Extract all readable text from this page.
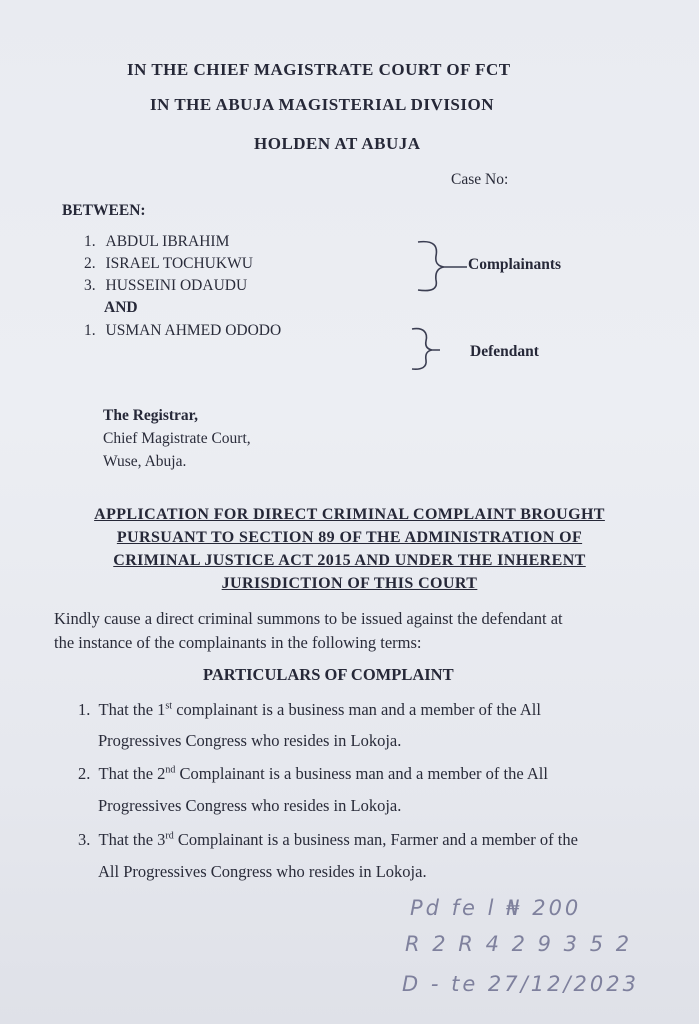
IN THE CHIEF MAGISTRATE COURT OF FCT
IN THE ABUJA MAGISTERIAL DIVISION
HOLDEN AT ABUJA
Case No:
BETWEEN:
1. ABDUL IBRAHIM
2. ISRAEL TOCHUKWU
3. HUSSEINI ODAUDU
AND
1. USMAN AHMED ODODO
Complainants
Defendant
The Registrar,
Chief Magistrate Court,
Wuse, Abuja.
APPLICATION FOR DIRECT CRIMINAL COMPLAINT BROUGHT
PURSUANT TO SECTION 89 OF THE ADMINISTRATION OF
CRIMINAL JUSTICE ACT 2015 AND UNDER THE INHERENT
JURISDICTION OF THIS COURT
Kindly cause a direct criminal summons to be issued against the defendant at
the instance of the complainants in the following terms:
PARTICULARS OF COMPLAINT
1. That the 1st complainant is a business man and a member of the All
Progressives Congress who resides in Lokoja.
2. That the 2nd Complainant is a business man and a member of the All
Progressives Congress who resides in Lokoja.
3. That the 3rd Complainant is a business man, Farmer and a member of the
All Progressives Congress who resides in Lokoja.
Pd fe l ₦ 200
R 2 R 4 2 9 3 5 2
D - te 27/12/2023
